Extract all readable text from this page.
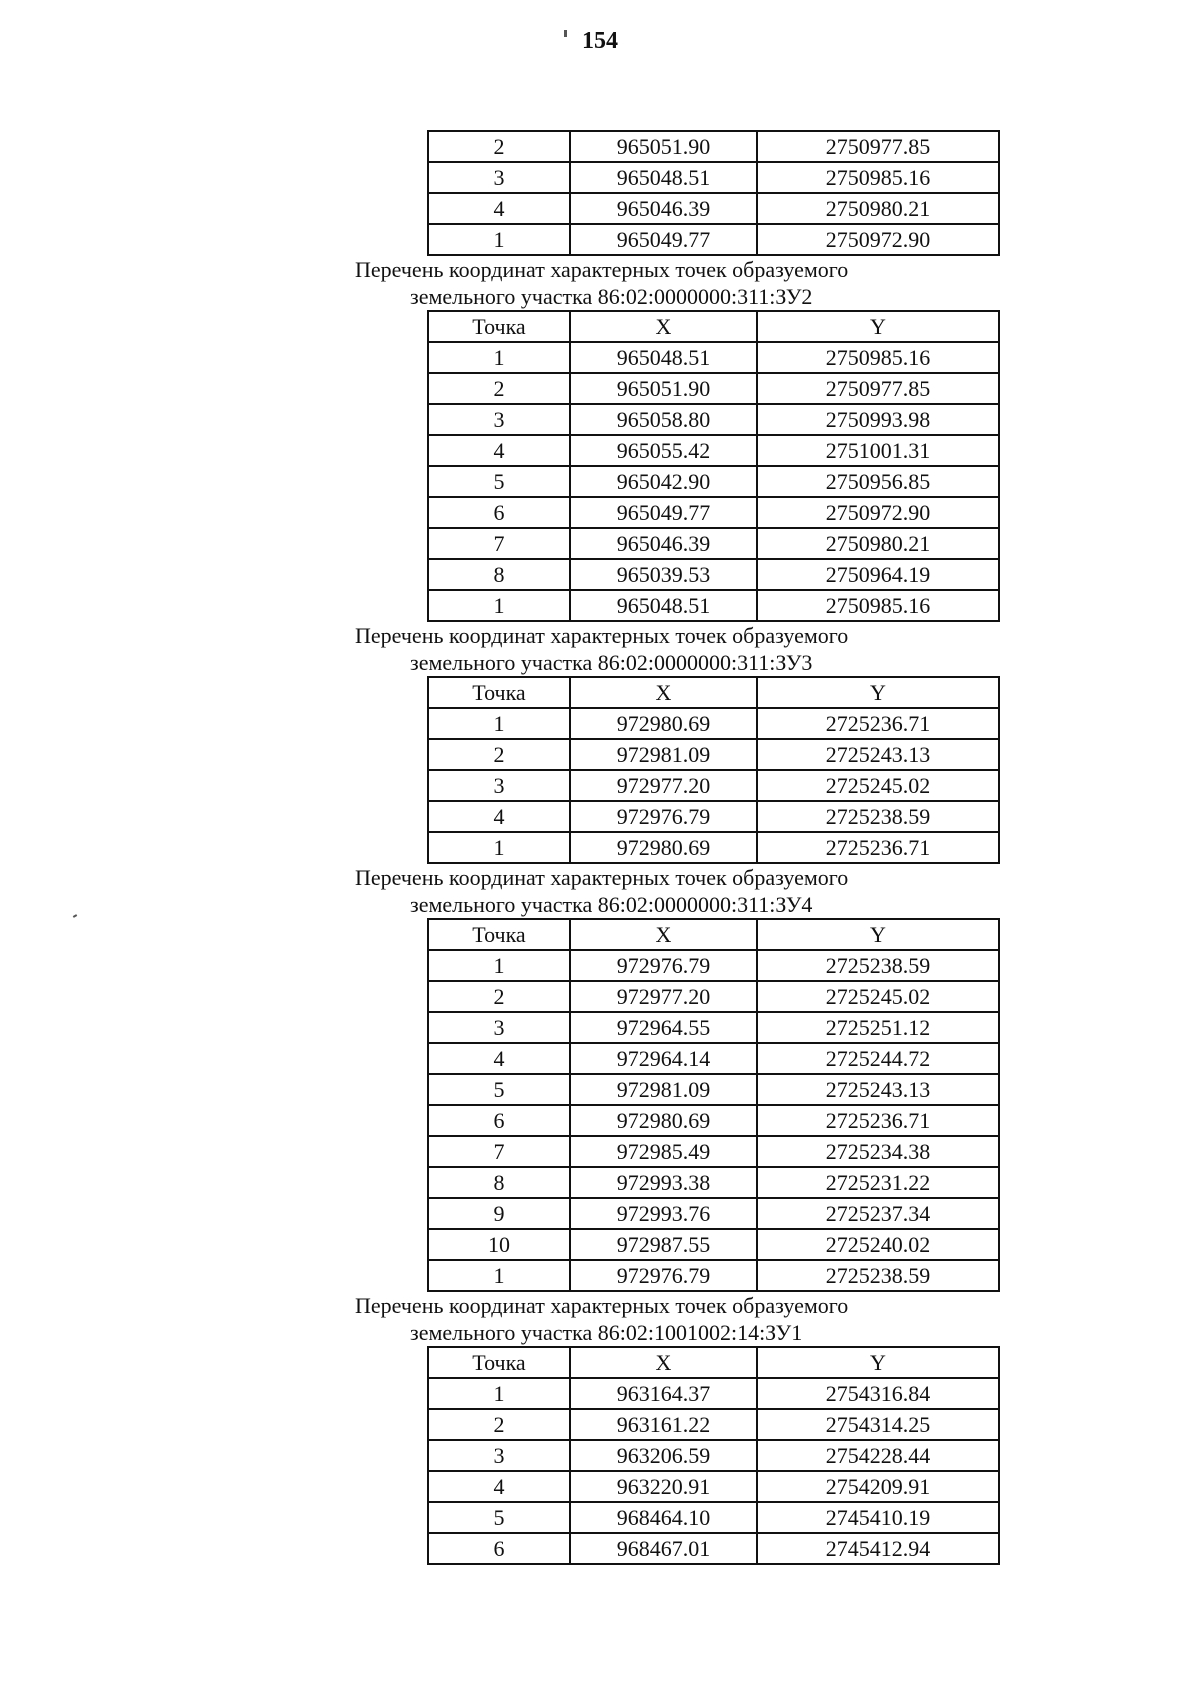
154
2	965051.90	2750977.85
3	965048.51	2750985.16
4	965046.39	2750980.21
1	965049.77	2750972.90

Перечень координат характерных точек образуемого
земельного участка 86:02:0000000:311:ЗУ2

Точка	X	Y
1	965048.51	2750985.16
2	965051.90	2750977.85
3	965058.80	2750993.98
4	965055.42	2751001.31
5	965042.90	2750956.85
6	965049.77	2750972.90
7	965046.39	2750980.21
8	965039.53	2750964.19
1	965048.51	2750985.16

Перечень координат характерных точек образуемого
земельного участка 86:02:0000000:311:ЗУ3

Точка	X	Y
1	972980.69	2725236.71
2	972981.09	2725243.13
3	972977.20	2725245.02
4	972976.79	2725238.59
1	972980.69	2725236.71

Перечень координат характерных точек образуемого
земельного участка 86:02:0000000:311:ЗУ4

Точка	X	Y
1	972976.79	2725238.59
2	972977.20	2725245.02
3	972964.55	2725251.12
4	972964.14	2725244.72
5	972981.09	2725243.13
6	972980.69	2725236.71
7	972985.49	2725234.38
8	972993.38	2725231.22
9	972993.76	2725237.34
10	972987.55	2725240.02
1	972976.79	2725238.59

Перечень координат характерных точек образуемого
земельного участка 86:02:1001002:14:ЗУ1

Точка	X	Y
1	963164.37	2754316.84
2	963161.22	2754314.25
3	963206.59	2754228.44
4	963220.91	2754209.91
5	968464.10	2745410.19
6	968467.01	2745412.94
